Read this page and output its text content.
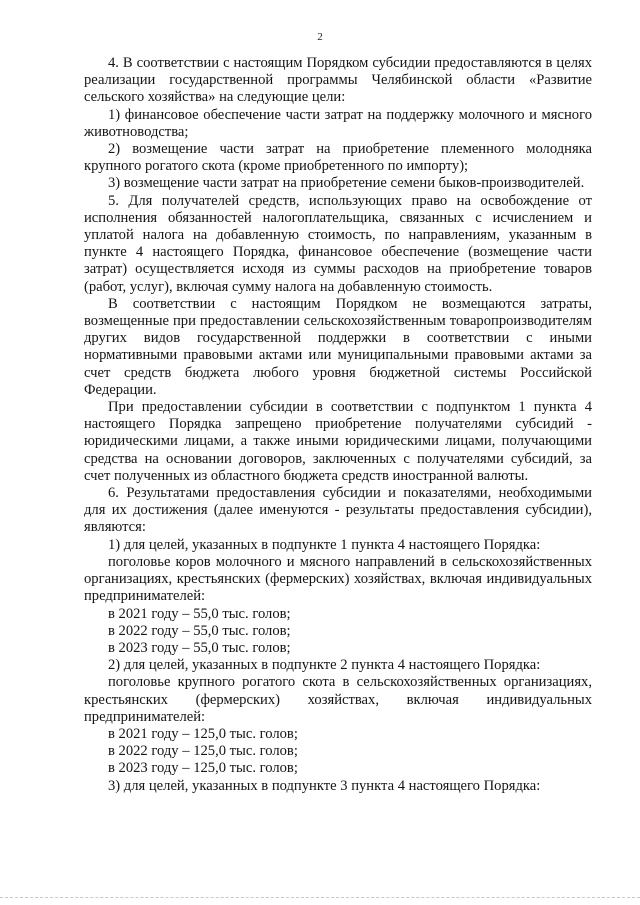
2

4. В соответствии с настоящим Порядком субсидии предоставляются в целях реализации государственной программы Челябинской области «Развитие сельского хозяйства» на следующие цели:

1) финансовое обеспечение части затрат на поддержку молочного и мясного животноводства;

2) возмещение части затрат на приобретение племенного молодняка крупного рогатого скота (кроме приобретенного по импорту);

3) возмещение части затрат на приобретение семени быков-производителей.

5. Для получателей средств, использующих право на освобождение от исполнения обязанностей налогоплательщика, связанных с исчислением и уплатой налога на добавленную стоимость, по направлениям, указанным в пункте 4 настоящего Порядка, финансовое обеспечение (возмещение части затрат) осуществляется исходя из суммы расходов на приобретение товаров (работ, услуг), включая сумму налога на добавленную стоимость.

В соответствии с настоящим Порядком не возмещаются затраты, возмещенные при предоставлении сельскохозяйственным товаропроизводителям других видов государственной поддержки в соответствии с иными нормативными правовыми актами или муниципальными правовыми актами за счет средств бюджета любого уровня бюджетной системы Российской Федерации.

При предоставлении субсидии в соответствии с подпунктом 1 пункта 4 настоящего Порядка запрещено приобретение получателями субсидий - юридическими лицами, а также иными юридическими лицами, получающими средства на основании договоров, заключенных с получателями субсидий, за счет полученных из областного бюджета средств иностранной валюты.

6. Результатами предоставления субсидии и показателями, необходимыми для их достижения (далее именуются - результаты предоставления субсидии), являются:

1) для целей, указанных в подпункте 1 пункта 4 настоящего Порядка:

поголовье коров молочного и мясного направлений в сельскохозяйственных организациях, крестьянских (фермерских) хозяйствах, включая индивидуальных предпринимателей:

в 2021 году – 55,0 тыс. голов;

в 2022 году – 55,0 тыс. голов;

в 2023 году – 55,0 тыс. голов;

2) для целей, указанных в подпункте 2 пункта 4 настоящего Порядка:

поголовье крупного рогатого скота в сельскохозяйственных организациях, крестьянских (фермерских) хозяйствах, включая индивидуальных предпринимателей:

в 2021 году – 125,0 тыс. голов;

в 2022 году – 125,0 тыс. голов;

в 2023 году – 125,0 тыс. голов;

3) для целей, указанных в подпункте 3 пункта 4 настоящего Порядка:
